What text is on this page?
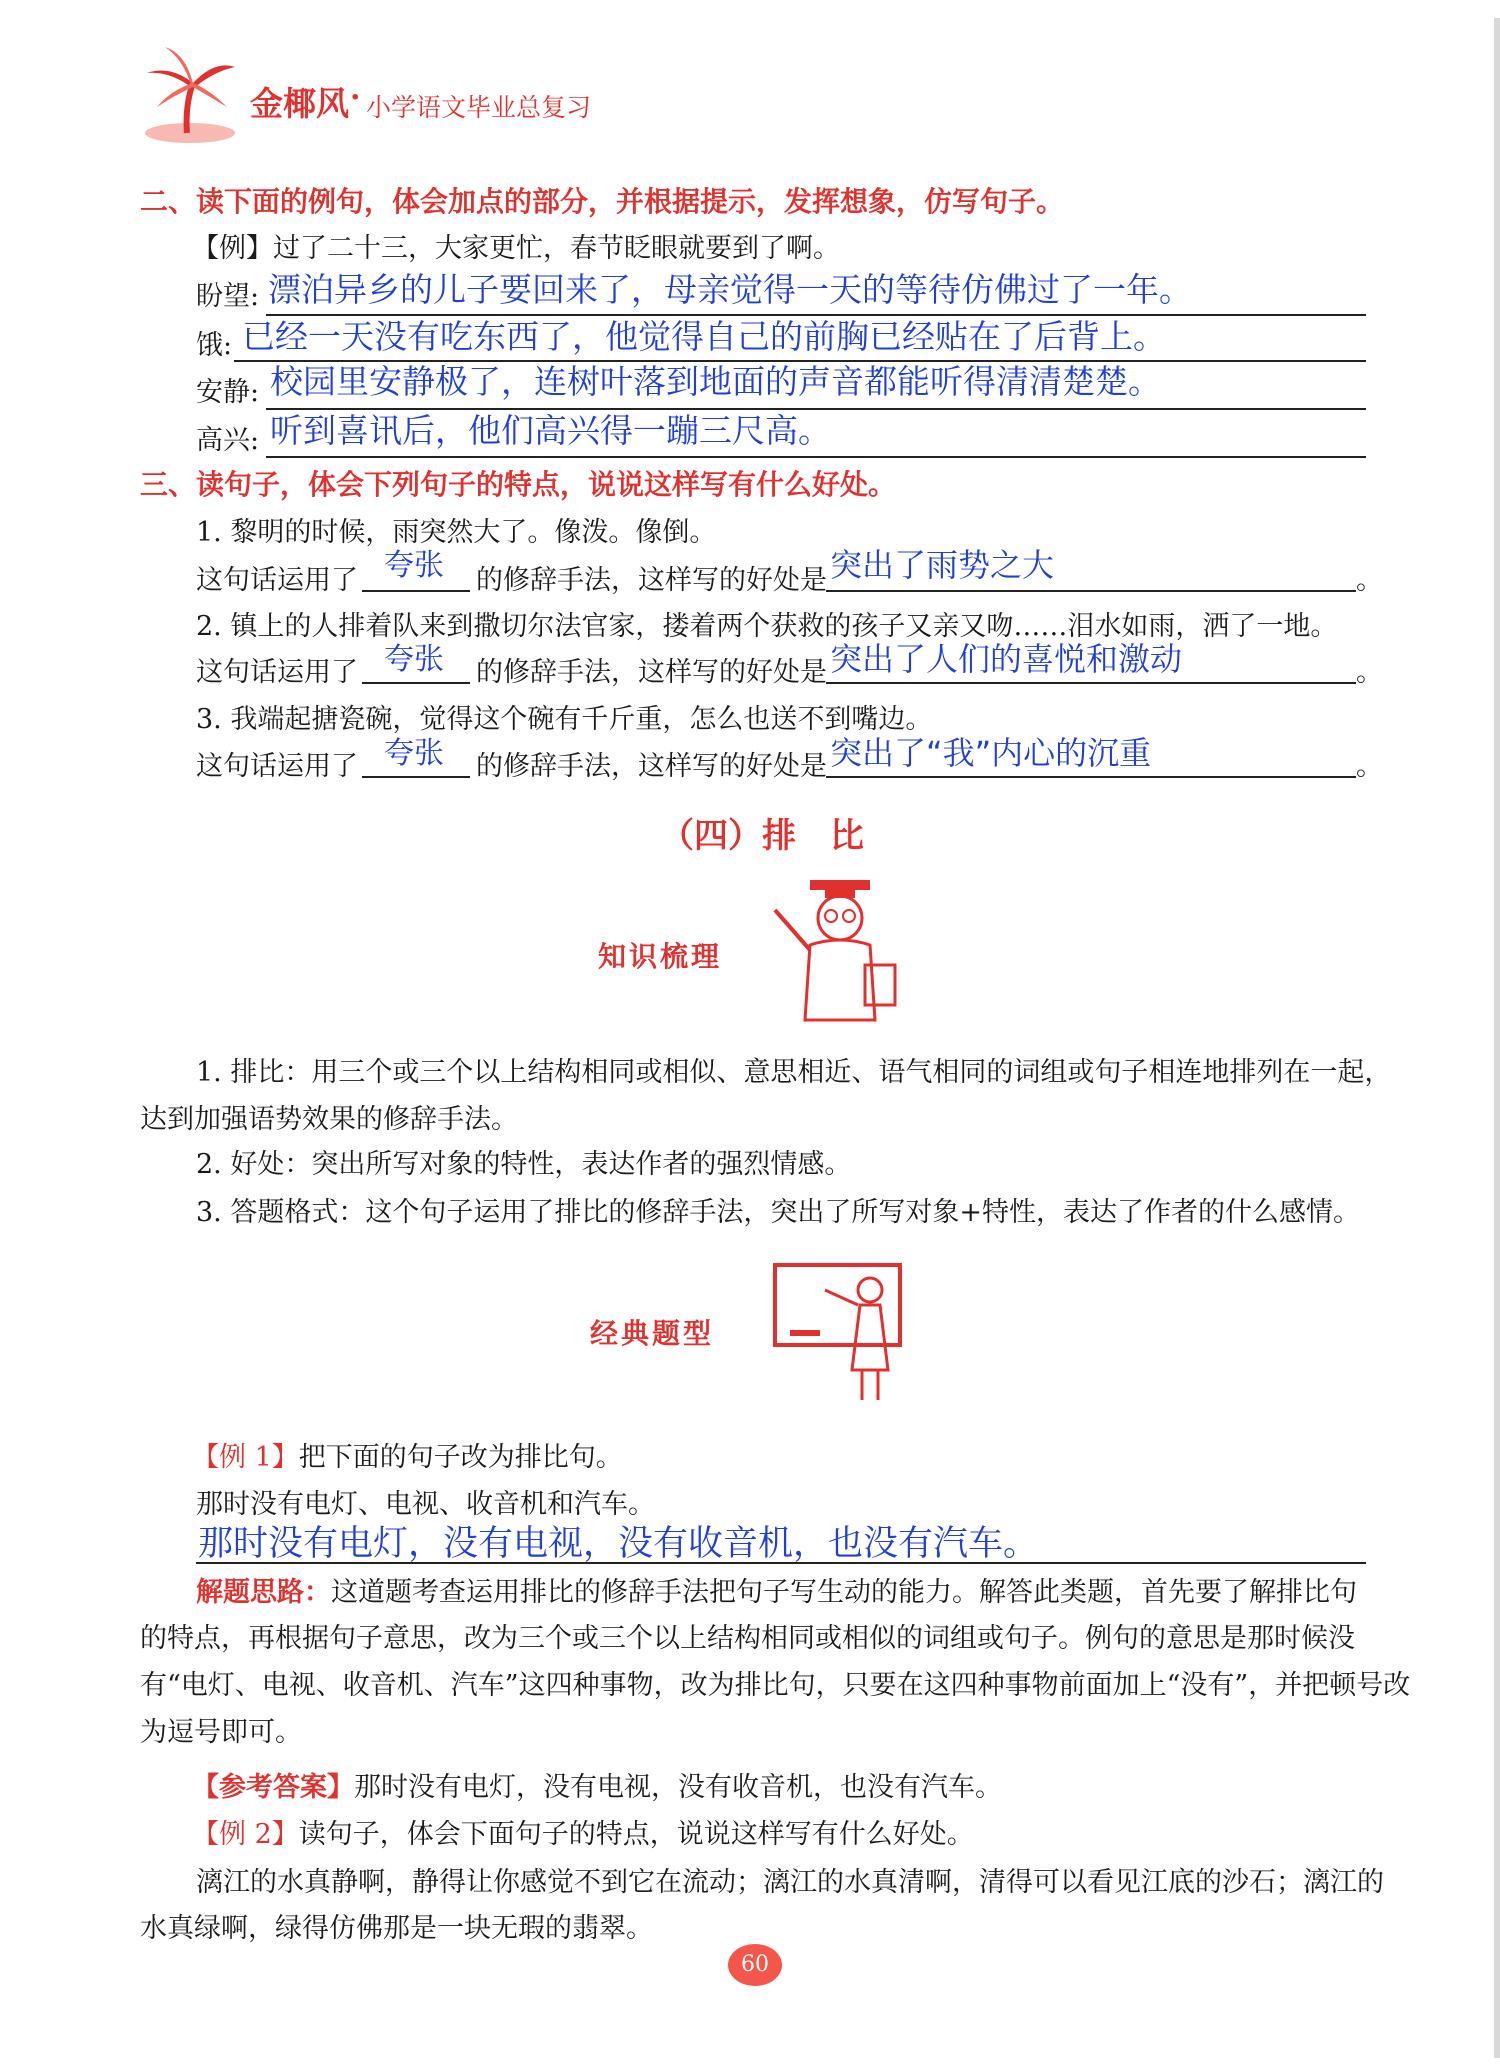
金椰风 · 小学语文毕业总复习
二、读下面的例句，体会加点的部分，并根据提示，发挥想象，仿写句子。
【例】过了二十三，大家更忙，春节眨眼就要到了啊。
盼望: 漂泊异乡的儿子要回来了，母亲觉得一天的等待仿佛过了一年。
饿: 已经一天没有吃东西了，他觉得自己的前胸已经贴在了后背上。
安静: 校园里安静极了，连树叶落到地面的声音都能听得清清楚楚。
高兴: 听到喜讯后，他们高兴得一蹦三尺高。
三、读句子，体会下列句子的特点，说说这样写有什么好处。
1. 黎明的时候，雨突然大了。像泼。像倒。
这句话运用了 夸张 的修辞手法，这样写的好处是 突出了雨势之大	。
2. 镇上的人排着队来到撒切尔法官家，搂着两个获救的孩子又亲又吻……泪水如雨，洒了一地。
这句话运用了 夸张 的修辞手法，这样写的好处是 突出了人们的喜悦和激动	。
3. 我端起搪瓷碗，觉得这个碗有千斤重，怎么也送不到嘴边。
这句话运用了 夸张 的修辞手法，这样写的好处是 突出了“我”内心的沉重	。
（四）排　比
知识梳理
1. 排比：用三个或三个以上结构相同或相似、意思相近、语气相同的词组或句子相连地排列在一起，
达到加强语势效果的修辞手法。
2. 好处：突出所写对象的特性，表达作者的强烈情感。
3. 答题格式：这个句子运用了排比的修辞手法，突出了所写对象+特性，表达了作者的什么感情。
经典题型
【例 1】把下面的句子改为排比句。
那时没有电灯、电视、收音机和汽车。
那时没有电灯，没有电视，没有收音机，也没有汽车。
解题思路：这道题考查运用排比的修辞手法把句子写生动的能力。解答此类题，首先要了解排比句
的特点，再根据句子意思，改为三个或三个以上结构相同或相似的词组或句子。例句的意思是那时候没
有“电灯、电视、收音机、汽车”这四种事物，改为排比句，只要在这四种事物前面加上“没有”，并把顿号改
为逗号即可。
【参考答案】那时没有电灯，没有电视，没有收音机，也没有汽车。
【例 2】读句子，体会下面句子的特点，说说这样写有什么好处。
漓江的水真静啊，静得让你感觉不到它在流动；漓江的水真清啊，清得可以看见江底的沙石；漓江的
水真绿啊，绿得仿佛那是一块无瑕的翡翠。
60
